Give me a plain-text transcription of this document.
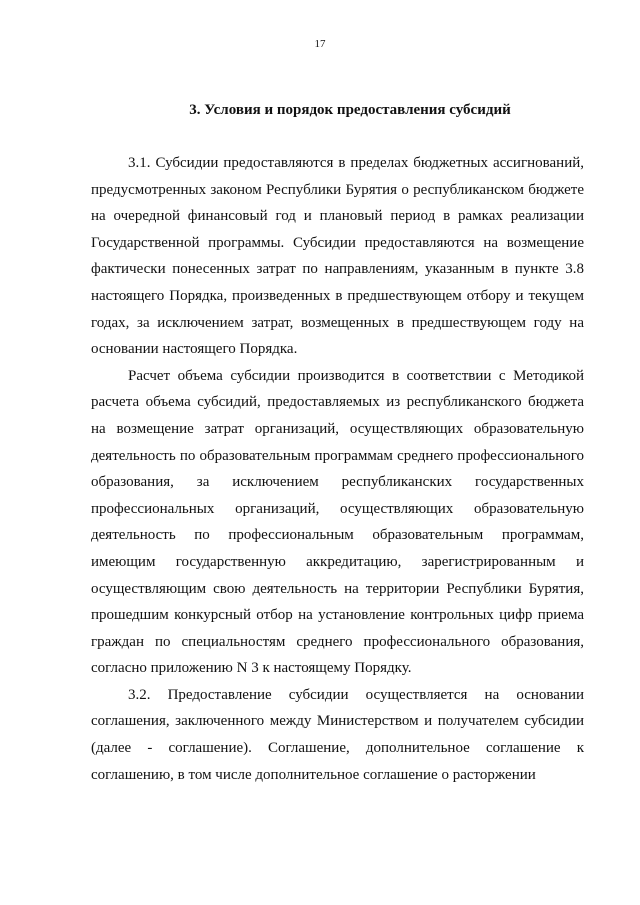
17
3. Условия и порядок предоставления субсидий

3.1. Субсидии предоставляются в пределах бюджетных ассигнований, предусмотренных законом Республики Бурятия о республиканском бюджете на очередной финансовый год и плановый период в рамках реализации Государственной программы. Субсидии предоставляются на возмещение фактически понесенных затрат по направлениям, указанным в пункте 3.8 настоящего Порядка, произведенных в предшествующем отбору и текущем годах, за исключением затрат, возмещенных в предшествующем году на основании настоящего Порядка.

Расчет объема субсидии производится в соответствии с Методикой расчета объема субсидий, предоставляемых из республиканского бюджета на возмещение затрат организаций, осуществляющих образовательную деятельность по образовательным программам среднего профессионального образования, за исключением республиканских государственных профессиональных организаций, осуществляющих образовательную деятельность по профессиональным образовательным программам, имеющим государственную аккредитацию, зарегистрированным и осуществляющим свою деятельность на территории Республики Бурятия, прошедшим конкурсный отбор на установление контрольных цифр приема граждан по специальностям среднего профессионального образования, согласно приложению N 3 к настоящему Порядку.

3.2. Предоставление субсидии осуществляется на основании соглашения, заключенного между Министерством и получателем субсидии (далее - соглашение). Соглашение, дополнительное соглашение к соглашению, в том числе дополнительное соглашение о расторжении
